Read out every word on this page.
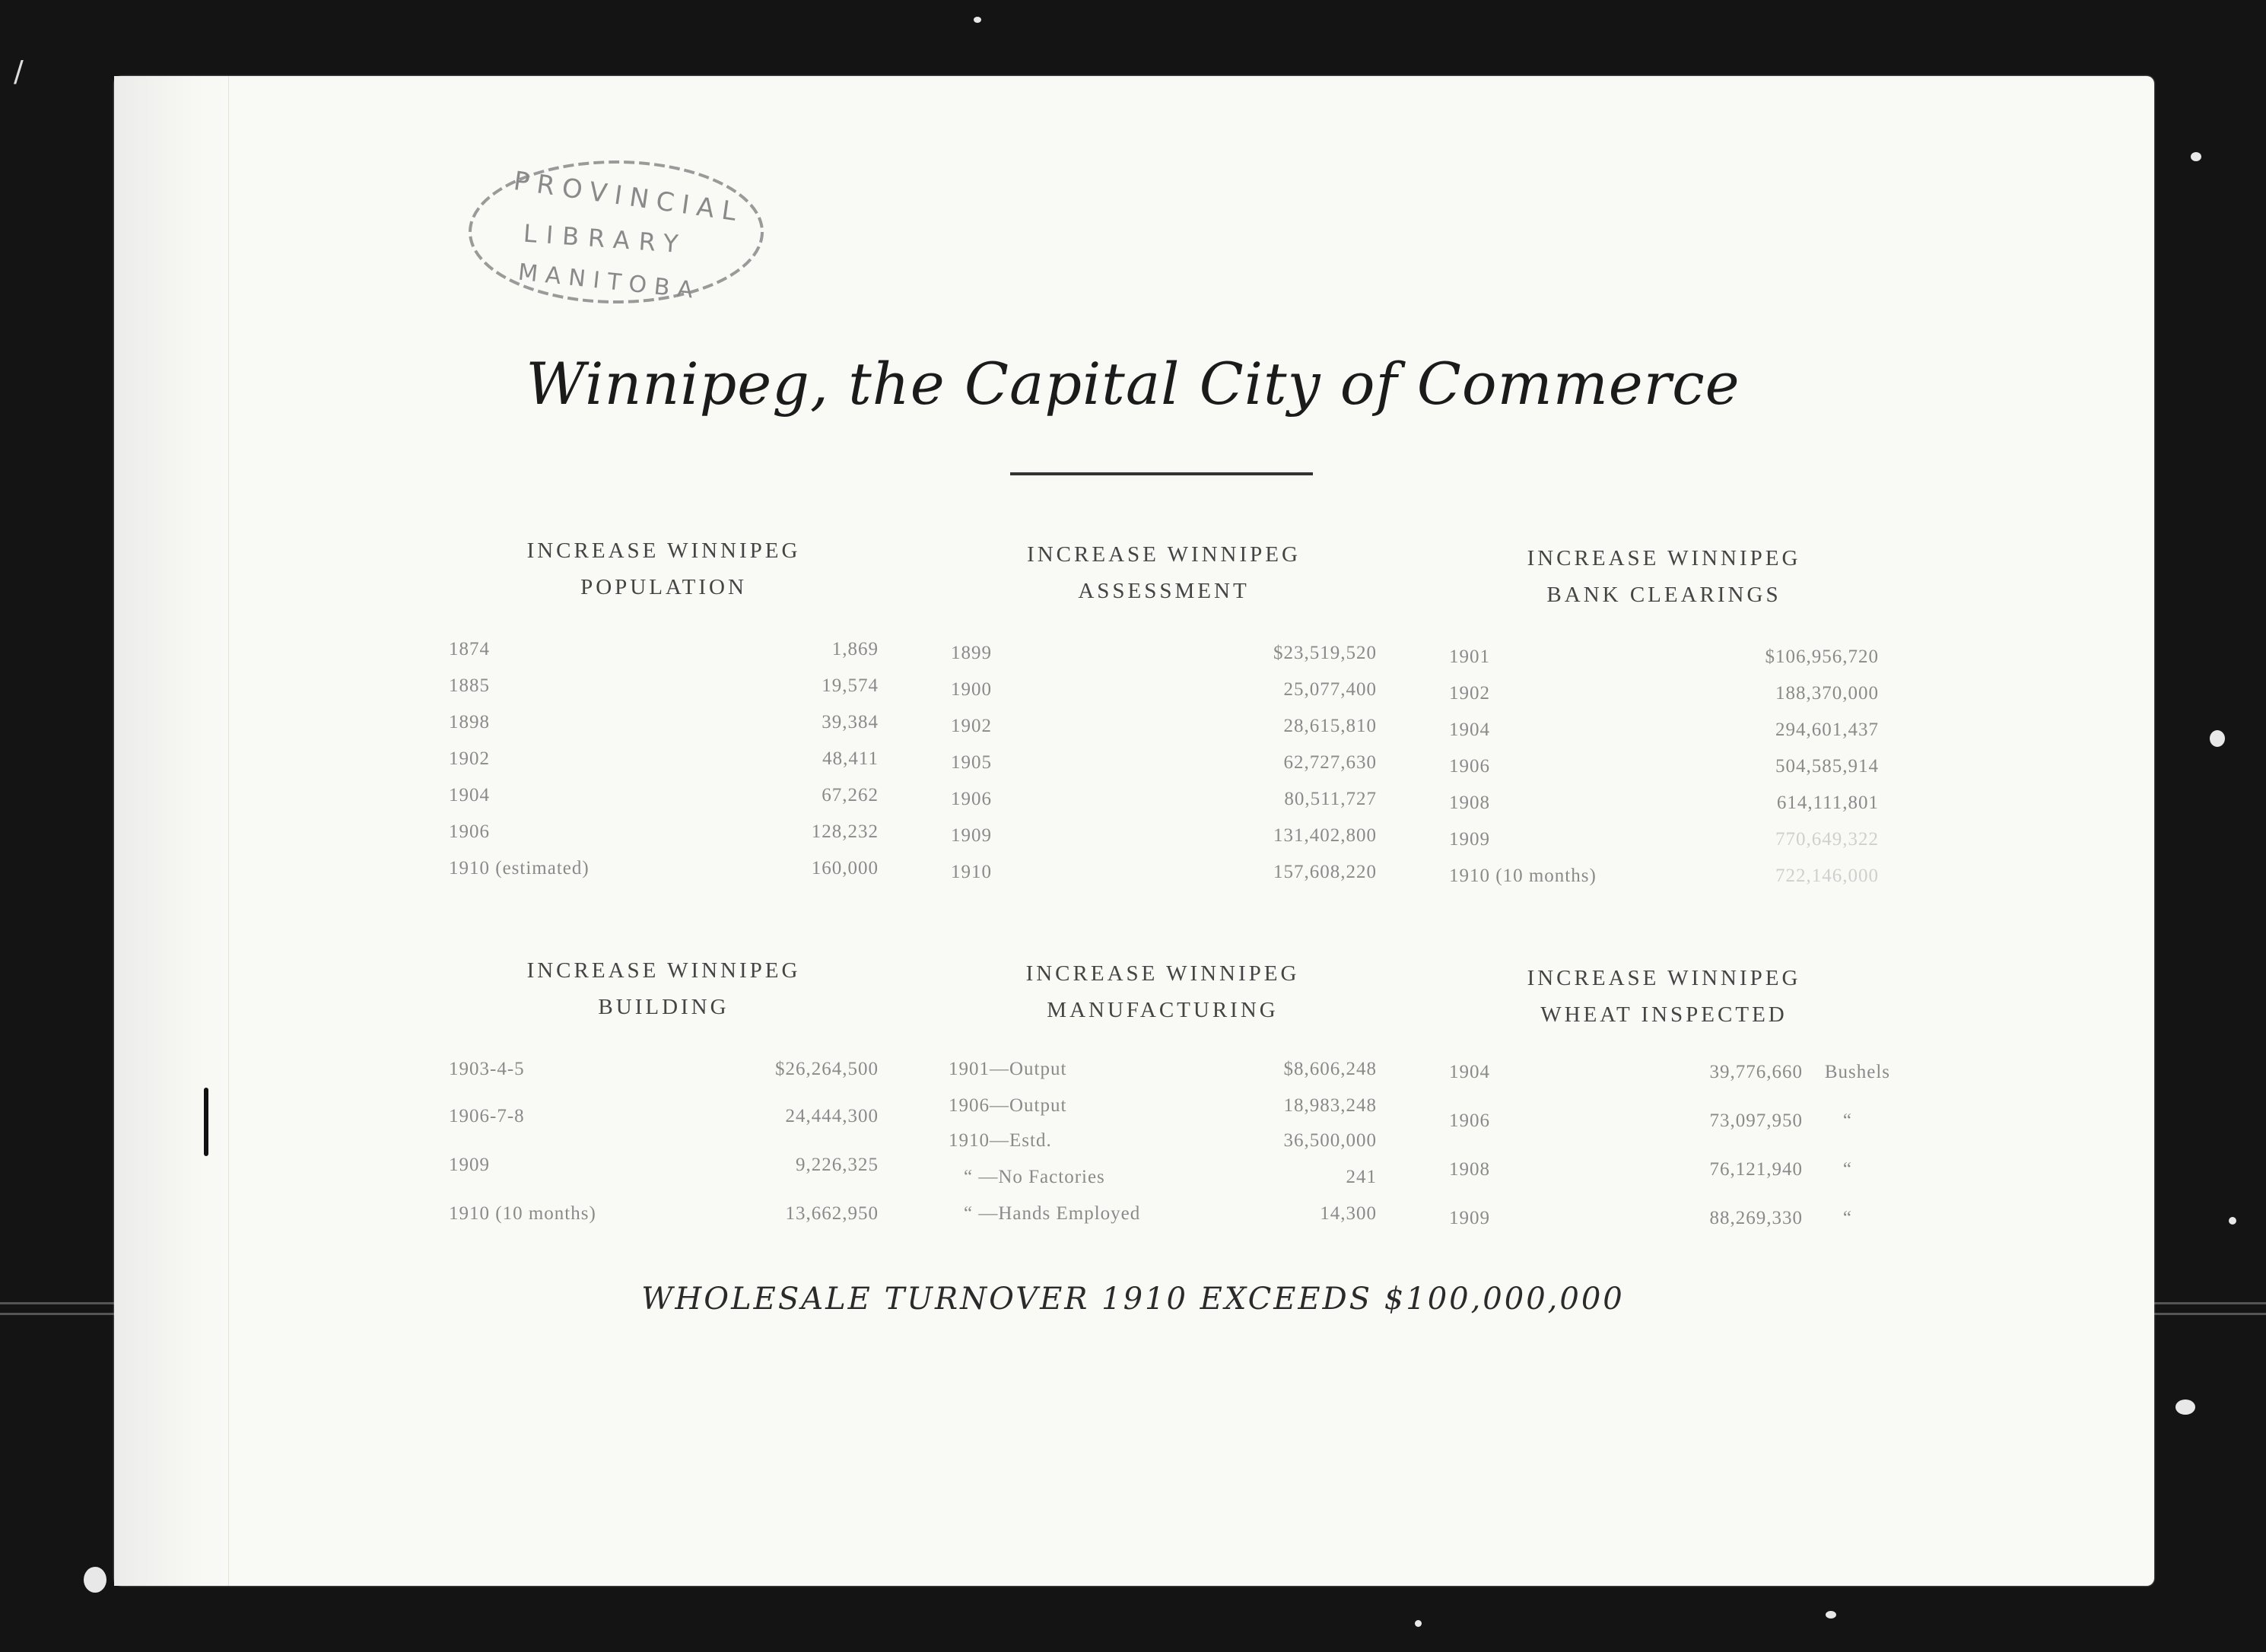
/
PROVINCIAL
LIBRARY
MANITOBA
Winnipeg, the Capital City of Commerce
INCREASE WINNIPEG
POPULATION
1874	1,869
1885	19,574
1898	39,384
1902	48,411
1904	67,262
1906	128,232
1910 (estimated)	160,000
INCREASE WINNIPEG
ASSESSMENT
1899	$23,519,520
1900	25,077,400
1902	28,615,810
1905	62,727,630
1906	80,511,727
1909	131,402,800
1910	157,608,220
INCREASE WINNIPEG
BANK CLEARINGS
1901	$106,956,720
1902	188,370,000
1904	294,601,437
1906	504,585,914
1908	614,111,801
1909	770,649,322
1910 (10 months)	722,146,000
INCREASE WINNIPEG
BUILDING
1903-4-5	$26,264,500
1906-7-8	24,444,300
1909	9,226,325
1910 (10 months)	13,662,950
INCREASE WINNIPEG
MANUFACTURING
1901—Output	$8,606,248
1906—Output	18,983,248
1910—Estd.	36,500,000
“ —No Factories	241
“ —Hands Employed	14,300
INCREASE WINNIPEG
WHEAT INSPECTED
1904	39,776,660 Bushels
1906	73,097,950 “
1908	76,121,940 “
1909	88,269,330 “
WHOLESALE TURNOVER 1910 EXCEEDS $100,000,000
